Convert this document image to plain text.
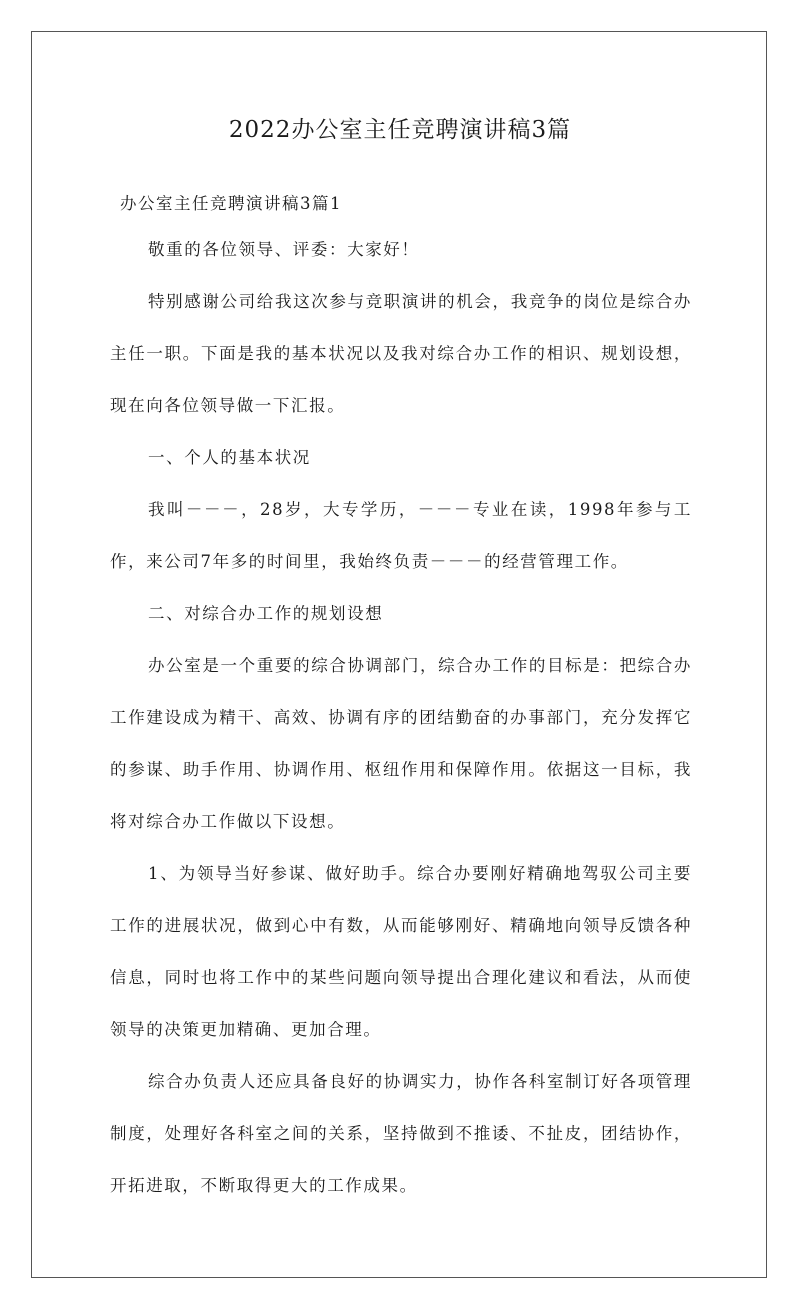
2022办公室主任竞聘演讲稿3篇

办公室主任竞聘演讲稿3篇1

敬重的各位领导、评委：大家好！

特别感谢公司给我这次参与竞职演讲的机会，我竞争的岗位是综合办主任一职。下面是我的基本状况以及我对综合办工作的相识、规划设想，现在向各位领导做一下汇报。

一、个人的基本状况

我叫－－－，28岁，大专学历，－－－专业在读，1998年参与工作，来公司7年多的时间里，我始终负责－－－的经营管理工作。

二、对综合办工作的规划设想

办公室是一个重要的综合协调部门，综合办工作的目标是：把综合办工作建设成为精干、高效、协调有序的团结勤奋的办事部门，充分发挥它的参谋、助手作用、协调作用、枢纽作用和保障作用。依据这一目标，我将对综合办工作做以下设想。

1、为领导当好参谋、做好助手。综合办要刚好精确地驾驭公司主要工作的进展状况，做到心中有数，从而能够刚好、精确地向领导反馈各种信息，同时也将工作中的某些问题向领导提出合理化建议和看法，从而使领导的决策更加精确、更加合理。

综合办负责人还应具备良好的协调实力，协作各科室制订好各项管理制度，处理好各科室之间的关系，坚持做到不推诿、不扯皮，团结协作，开拓进取，不断取得更大的工作成果。
